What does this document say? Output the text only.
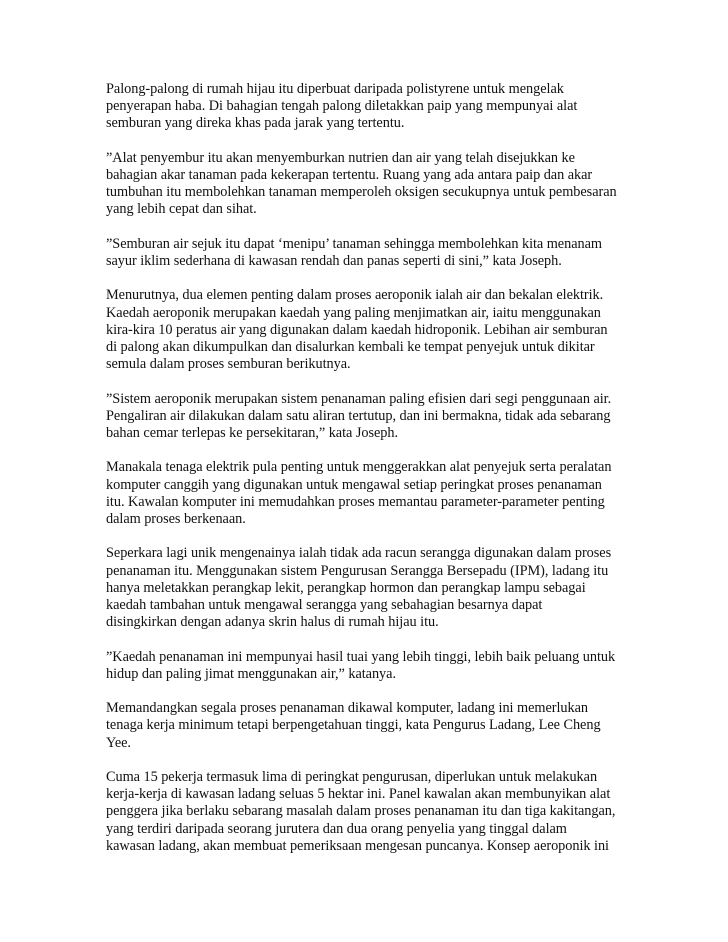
Palong-palong di rumah hijau itu diperbuat daripada polistyrene untuk mengelak
penyerapan haba. Di bahagian tengah palong diletakkan paip yang mempunyai alat
semburan yang direka khas pada jarak yang tertentu.
”Alat penyembur itu akan menyemburkan nutrien dan air yang telah disejukkan ke
bahagian akar tanaman pada kekerapan tertentu. Ruang yang ada antara paip dan akar
tumbuhan itu membolehkan tanaman memperoleh oksigen secukupnya untuk pembesaran
yang lebih cepat dan sihat.
”Semburan air sejuk itu dapat ‘menipu’ tanaman sehingga membolehkan kita menanam
sayur iklim sederhana di kawasan rendah dan panas seperti di sini,” kata Joseph.
Menurutnya, dua elemen penting dalam proses aeroponik ialah air dan bekalan elektrik.
Kaedah aeroponik merupakan kaedah yang paling menjimatkan air, iaitu menggunakan
kira-kira 10 peratus air yang digunakan dalam kaedah hidroponik. Lebihan air semburan
di palong akan dikumpulkan dan disalurkan kembali ke tempat penyejuk untuk dikitar
semula dalam proses semburan berikutnya.
”Sistem aeroponik merupakan sistem penanaman paling efisien dari segi penggunaan air.
Pengaliran air dilakukan dalam satu aliran tertutup, dan ini bermakna, tidak ada sebarang
bahan cemar terlepas ke persekitaran,” kata Joseph.
Manakala tenaga elektrik pula penting untuk menggerakkan alat penyejuk serta peralatan
komputer canggih yang digunakan untuk mengawal setiap peringkat proses penanaman
itu. Kawalan komputer ini memudahkan proses memantau parameter-parameter penting
dalam proses berkenaan.
Seperkara lagi unik mengenainya ialah tidak ada racun serangga digunakan dalam proses
penanaman itu. Menggunakan sistem Pengurusan Serangga Bersepadu (IPM), ladang itu
hanya meletakkan perangkap lekit, perangkap hormon dan perangkap lampu sebagai
kaedah tambahan untuk mengawal serangga yang sebahagian besarnya dapat
disingkirkan dengan adanya skrin halus di rumah hijau itu.
”Kaedah penanaman ini mempunyai hasil tuai yang lebih tinggi, lebih baik peluang untuk
hidup dan paling jimat menggunakan air,” katanya.
Memandangkan segala proses penanaman dikawal komputer, ladang ini memerlukan
tenaga kerja minimum tetapi berpengetahuan tinggi, kata Pengurus Ladang, Lee Cheng
Yee.
Cuma 15 pekerja termasuk lima di peringkat pengurusan, diperlukan untuk melakukan
kerja-kerja di kawasan ladang seluas 5 hektar ini. Panel kawalan akan membunyikan alat
penggera jika berlaku sebarang masalah dalam proses penanaman itu dan tiga kakitangan,
yang terdiri daripada seorang jurutera dan dua orang penyelia yang tinggal dalam
kawasan ladang, akan membuat pemeriksaan mengesan puncanya. Konsep aeroponik ini
